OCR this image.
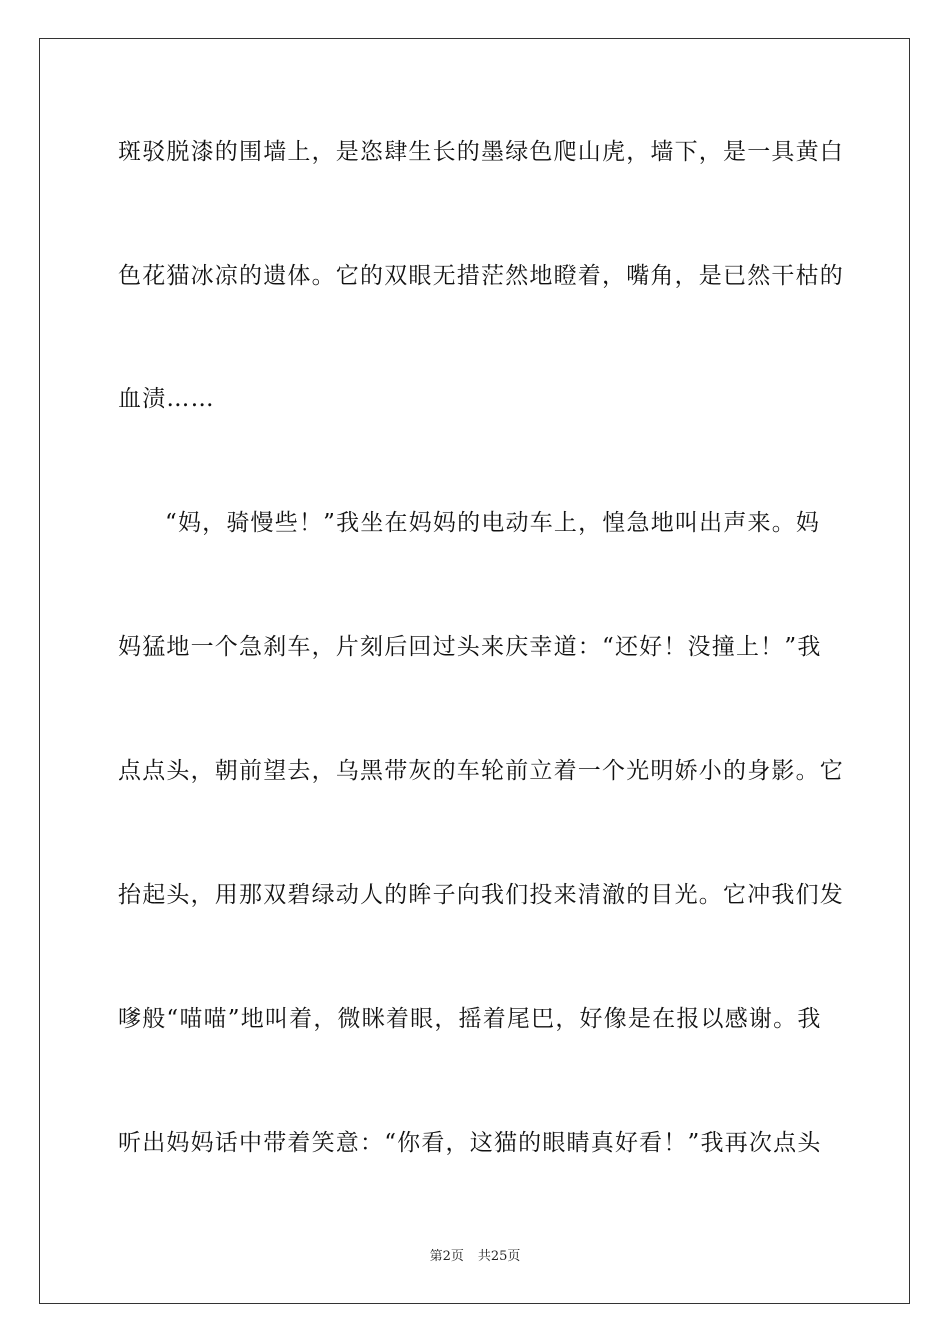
斑驳脱漆的围墙上，是恣肆生长的墨绿色爬山虎，墙下，是一具黄白
色花猫冰凉的遗体。它的双眼无措茫然地瞪着，嘴角，是已然干枯的
血渍……
“妈，骑慢些！”我坐在妈妈的电动车上，惶急地叫出声来。妈
妈猛地一个急刹车，片刻后回过头来庆幸道：“还好！没撞上！”我
点点头，朝前望去，乌黑带灰的车轮前立着一个光明娇小的身影。它
抬起头，用那双碧绿动人的眸子向我们投来清澈的目光。它冲我们发
嗲般“喵喵”地叫着，微眯着眼，摇着尾巴，好像是在报以感谢。我
听出妈妈话中带着笑意：“你看，这猫的眼睛真好看！”我再次点头
第2页 共25页
